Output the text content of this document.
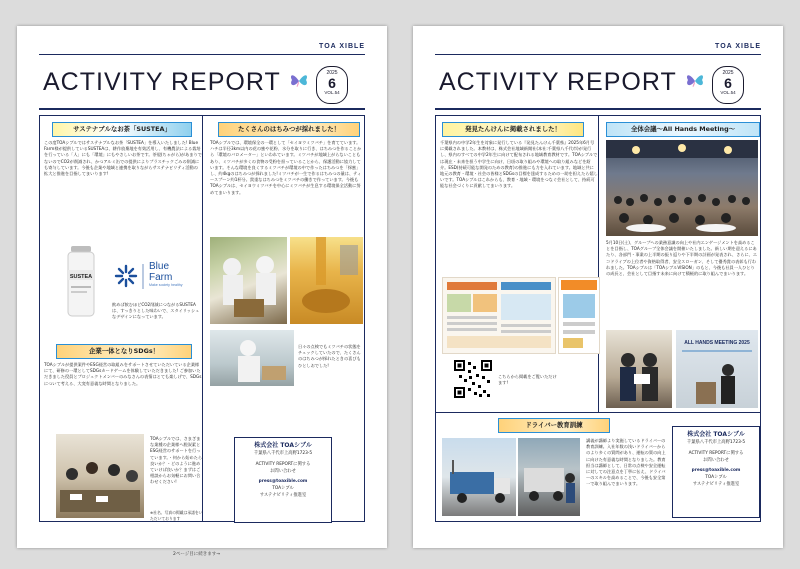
TOA XIBLE
ACTIVITY REPORT	2025
6
VOL.54
サステナブルなお茶「SUSTEA」
この度TOAシブルではサステナブルなお茶「SUSTEA」を導入いたしました! Blue Farm様が提供しているSUSTEAは、耕作放棄地を有効活用し、有機農法による栽培を行っている「人」にも「環境」にもやさしいお茶です。茶殻(ちゃがら)があまりでないのでCO2が削減され、かつアルミ缶での提供によりプラスチックごみの削減にも寄与しています。今後も企業や地域と連携を取りながらサステナビリティ活動の拡大と推進を目指してまいります!
SUSTEA
Blue
Farm
Make society healthy
飲めば飲むほどCO2削減につながるSUSTEAは、すっきりとした味わいで、スタイリッシュなデザインになっています。
たくさんのはちみつが採れました！
TOAシブルでは、環境保全の一環として「セイヨウミツバチ」を育てています。ハチは半径3km以内の花の蜜や花粉、水分を取りに行き、はちみつを作ることから「環境のバロメーター」といわれています。ミツバチが地域上がらないこともあり、ミツバチが多くの食物の受粉を担っていることから、保護活動に協力しています。そんな環境を良くするミツバチが環境の中で作ったはちみつを「採蜜」し、約4kgのはちみつが採れました!ミツバチが一生で作るはちみつの量は、ティースプーン約1杯分。貴重なはちみつをミツバチの働きで作っています。今後もTOAシブルは、セイヨウミツバチを中心にミツバチが生息する環境保全活動に努めてまいります。
日々の点検でもミツバチの状態をチェックしていたので、たくさんのはちみつが採れたときの喜びもひとしおでした!
企業一体となりSDGs！
TOAシブルが提供案件やESG経営の取組みをサポートさせていただいている企業様にて、研修の一環としてSDGsカードゲームを体験していただきました! ご参加いただきました役員とプロジェクトメンバーのみなさんの表情はとても楽しげで、SDGsについて考える、大変有意義な時間となりました。
TOAシブルでは、さまざまな業種の企業様へ脱炭素とESG経営のサポートを行っています。・何から始めたら良いか？・どのように進めていけば良いか？まずはご相談からお気軽にお問い合わせください!
※社名、写真の掲載は承諾をいただいております
株式会社 TOAシブル
千葉県八千代市上高野1723-5
ACTIVITY REPORTに関する
お問い合わせ
press@toaxible.com
TOAシブル
サステナビリティ推進室
TOA XIBLE
ACTIVITY REPORT	2025
6
VOL.54
発見たんけんに掲載されました！
千葉県内の中学2年生を対象に発行している『発見たんけん千葉県』2025年6月号に掲載されました。本教材は、株式会社地域新聞社(本社:千葉県八千代市)が発行し、県内のすべての中学2年生に向けて配布される地域教育教材です。TOAシブルでは現在・未来を担う中学生に向け、日頃の取り組みや環境への取り組みなどを紹介。ESD(持続可能な開発のための教育)の推進にも力を入れています。地域と共に地元の教育・環境・社会の皆様とSDGsの目標を達成するための一助を担えたら嬉しいです。TOAシブルはこれからも、教育・地域・環境をつなぐ会社として、持続可能な社会づくりに貢献してまいります。
こちらから掲載をご覧いただけます!
全体会議～All Hands Meeting～
5月10日(土)、グループへの業務意識の向上や社内エンゲージメントを高めることを目指し、TOAグループ全体会議を開催いたしました。新しい期を迎えるにあたり、各部門・事業の上半期の振り返りや下半期の計画が発表され、さらに、エコドライブの上位者や資格取得者、安全スローガン、そして優秀賞の表彰も行われました。TOAシブルは「TOAシブルVISION」のもと、今後も社員一人ひとりの成長と、会社として目指す未来に向けて積極的に取り組んでまいります。
ALL HANDS MEETING 2025
ドライバー教育訓練
講義が講師より実施しているドライバーの教育訓練。入社年数の浅いドライバーからのより多くの質問があり、運転の質の向上に向けた有意義な時間となりました。教育担当は講師として、日常の点検や安全運転に対しての注意点を丁寧に伝え、ドライバーのスキルを高めることで、今後も安全第一で取り組んでまいります。
株式会社 TOAシブル
千葉県八千代市上高野1723-5
ACTIVITY REPORTに関する
お問い合わせ
press@toaxible.com
TOAシブル
サステナビリティ推進室
2ページ目に続きます→
